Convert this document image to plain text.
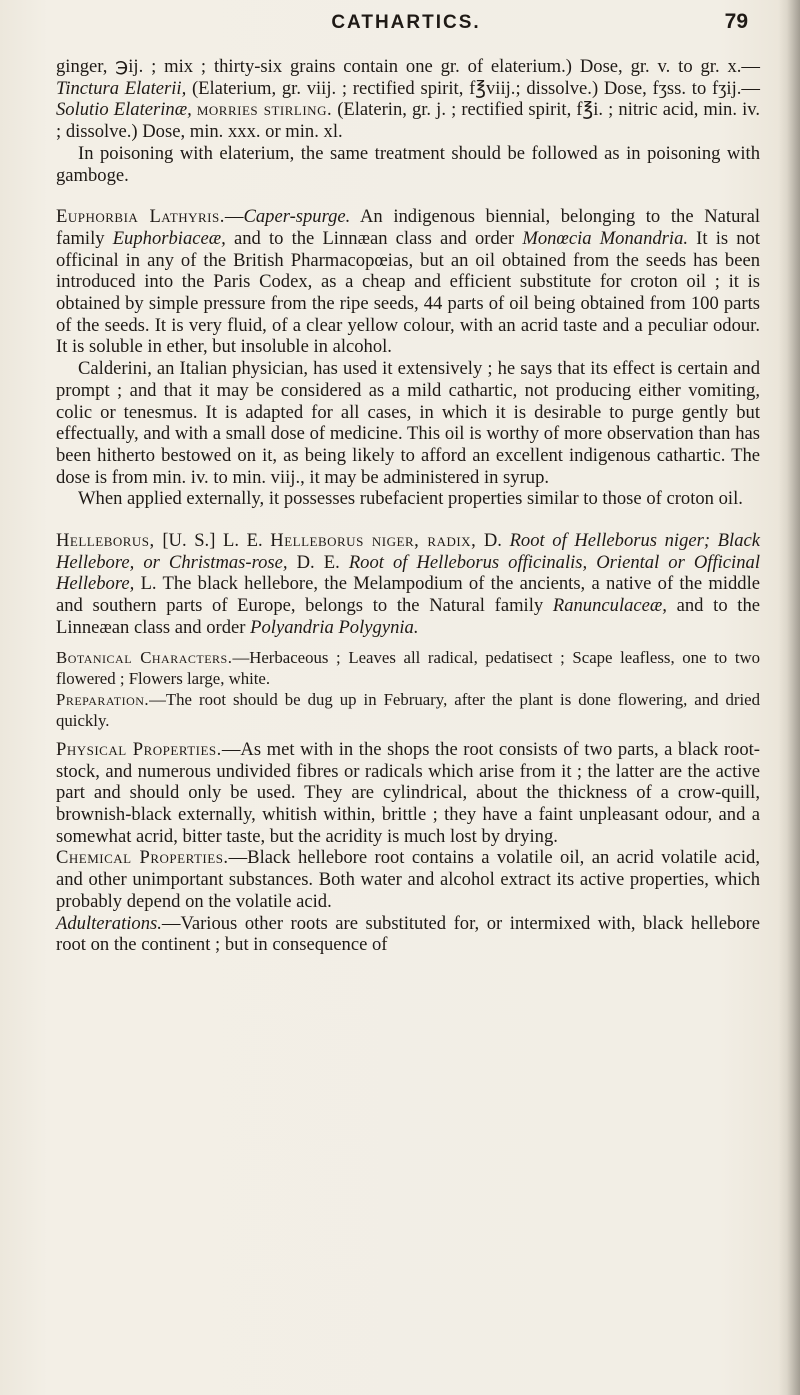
CATHARTICS.	79

ginger, ℈ij. ; mix ; thirty-six grains contain one gr. of elaterium.) Dose, gr. v. to gr. x.—Tinctura Elaterii, (Elaterium, gr. viij. ; rectified spirit, f℥viij.; dissolve.) Dose, fʒss. to fʒij.—Solutio Elaterinæ, morries stirling. (Elaterin, gr. j. ; rectified spirit, f℥i. ; nitric acid, min. iv. ; dissolve.) Dose, min. xxx. or min. xl.

In poisoning with elaterium, the same treatment should be followed as in poisoning with gamboge.

Euphorbia Lathyris.—Caper-spurge. An indigenous biennial, belonging to the Natural family Euphorbiaceæ, and to the Linnæan class and order Monœcia Monandria. It is not officinal in any of the British Pharmacopœias, but an oil obtained from the seeds has been introduced into the Paris Codex, as a cheap and efficient substitute for croton oil ; it is obtained by simple pressure from the ripe seeds, 44 parts of oil being obtained from 100 parts of the seeds. It is very fluid, of a clear yellow colour, with an acrid taste and a peculiar odour. It is soluble in ether, but insoluble in alcohol.

Calderini, an Italian physician, has used it extensively ; he says that its effect is certain and prompt ; and that it may be considered as a mild cathartic, not producing either vomiting, colic or tenesmus. It is adapted for all cases, in which it is desirable to purge gently but effectually, and with a small dose of medicine. This oil is worthy of more observation than has been hitherto bestowed on it, as being likely to afford an excellent indigenous cathartic. The dose is from min. iv. to min. viij., it may be administered in syrup.

When applied externally, it possesses rubefacient properties similar to those of croton oil.

Helleborus, [U. S.] L. E. Helleborus niger, radix, D. Root of Helleborus niger; Black Hellebore, or Christmas-rose, D. E. Root of Helleborus officinalis, Oriental or Officinal Hellebore, L. The black hellebore, the Melampodium of the ancients, a native of the middle and southern parts of Europe, belongs to the Natural family Ranunculaceæ, and to the Linneæan class and order Polyandria Polygynia.

Botanical Characters.—Herbaceous ; Leaves all radical, pedatisect ; Scape leafless, one to two flowered ; Flowers large, white.

Preparation.—The root should be dug up in February, after the plant is done flowering, and dried quickly.

Physical Properties.—As met with in the shops the root consists of two parts, a black root-stock, and numerous undivided fibres or radicals which arise from it ; the latter are the active part and should only be used. They are cylindrical, about the thickness of a crow-quill, brownish-black externally, whitish within, brittle ; they have a faint unpleasant odour, and a somewhat acrid, bitter taste, but the acridity is much lost by drying.

Chemical Properties.—Black hellebore root contains a volatile oil, an acrid volatile acid, and other unimportant substances. Both water and alcohol extract its active properties, which probably depend on the volatile acid.

Adulterations.—Various other roots are substituted for, or intermixed with, black hellebore root on the continent ; but in consequence of
